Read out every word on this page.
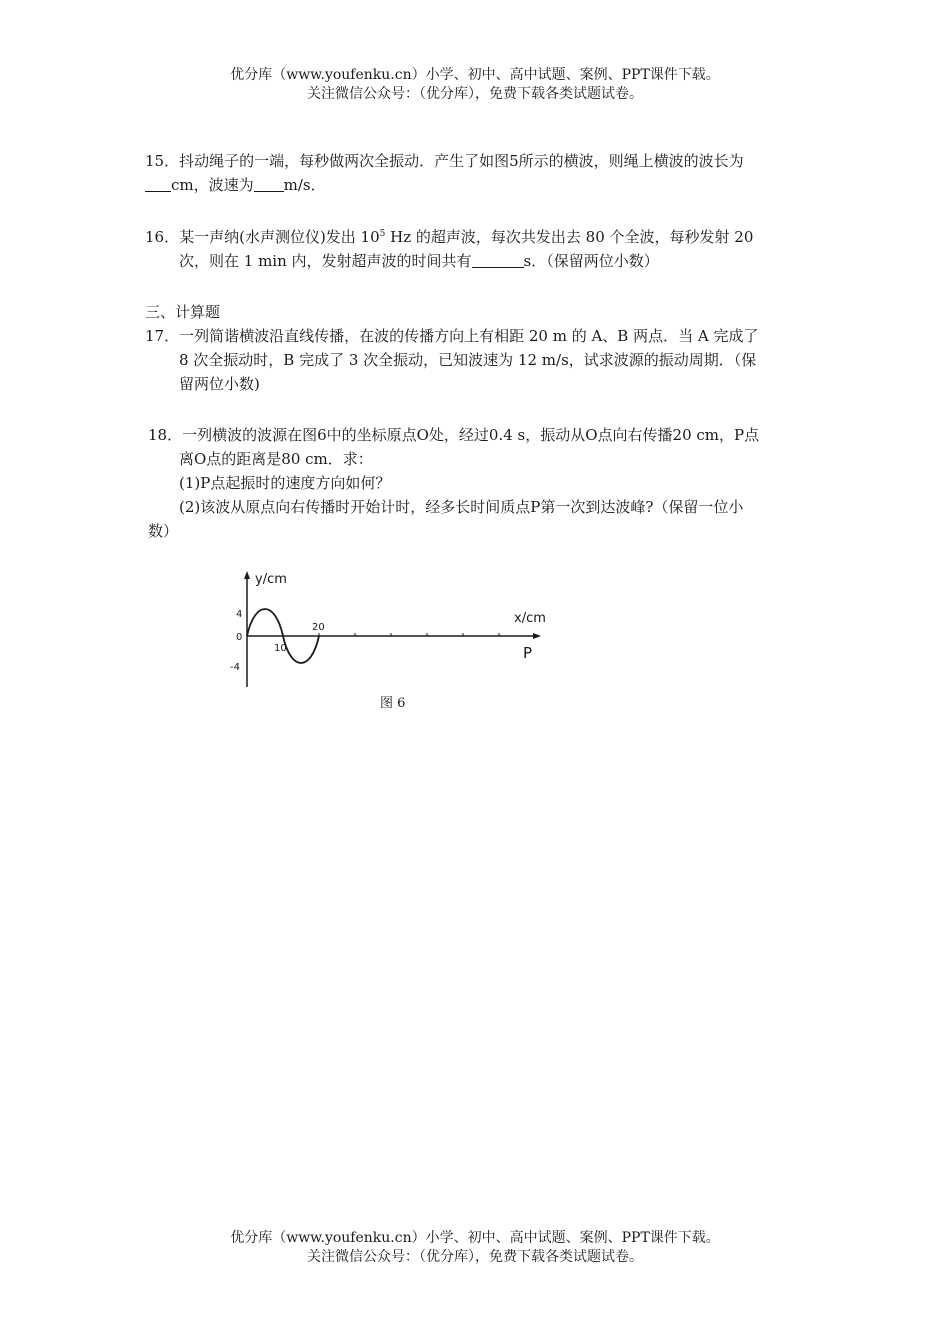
优分库（www.youfenku.cn）小学、初中、高中试题、案例、PPT课件下载。
关注微信公众号：（优分库），免费下载各类试题试卷。
15．抖动绳子的一端，每秒做两次全振动．产生了如图5所示的横波，则绳上横波的波长为
cm，波速为 m/s．
16．某一声纳(水声测位仪)发出 $10^5$ Hz 的超声波，每次共发出去 80 个全波，每秒发射 20
次，则在 1 min 内，发射超声波的时间共有	s．（保留两位小数）
三、计算题
17．一列简谐横波沿直线传播，在波的传播方向上有相距 20 m 的 A、B 两点．当 A 完成了
8 次全振动时，B 完成了 3 次全振动，已知波速为 12 m/s，试求波源的振动周期．（保
留两位小数)
18．一列横波的波源在图6中的坐标原点O处，经过0.4 s，振动从O点向右传播20 cm，P点
离O点的距离是80 cm．求：
(1)P点起振时的速度方向如何？
(2)该波从原点向右传播时开始计时，经多长时间质点P第一次到达波峰?（保留一位小
数）
y/cm
x/cm
4
0
-4
10
20
P
图 6
优分库（www.youfenku.cn）小学、初中、高中试题、案例、PPT课件下载。
关注微信公众号：（优分库），免费下载各类试题试卷。
